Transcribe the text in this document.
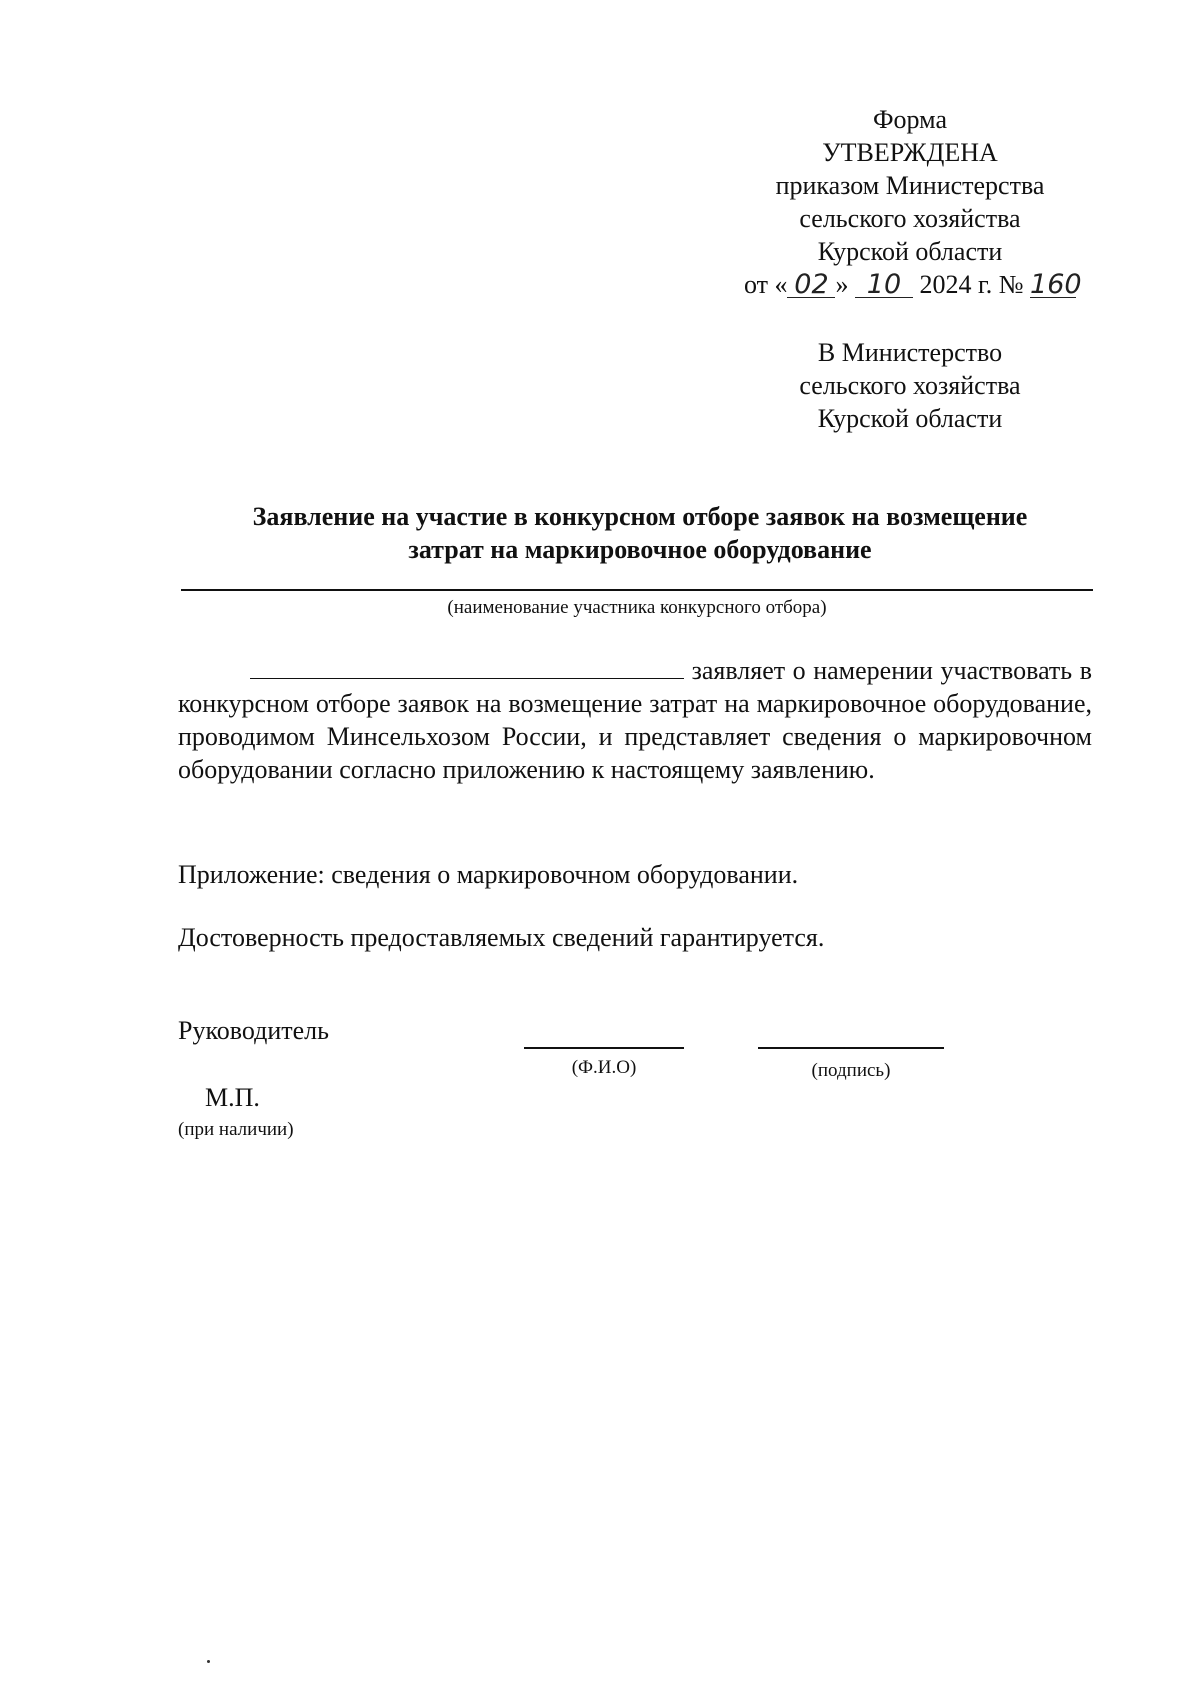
Форма
УТВЕРЖДЕНА
приказом Министерства
сельского хозяйства
Курской области
от « 02 » 10 2024 г. № 160
В Министерство
сельского хозяйства
Курской области
Заявление на участие в конкурсном отборе заявок на возмещение
затрат на маркировочное оборудование
(наименование участника конкурсного отбора)
заявляет о намерении участвовать в конкурсном отборе заявок на возмещение затрат на маркировочное оборудование, проводимом Минсельхозом России, и представляет сведения о маркировочном оборудовании согласно приложению к настоящему заявлению.
Приложение: сведения о маркировочном оборудовании.
Достоверность предоставляемых сведений гарантируется.
Руководитель
(Ф.И.О)	(подпись)
М.П.
(при наличии)
